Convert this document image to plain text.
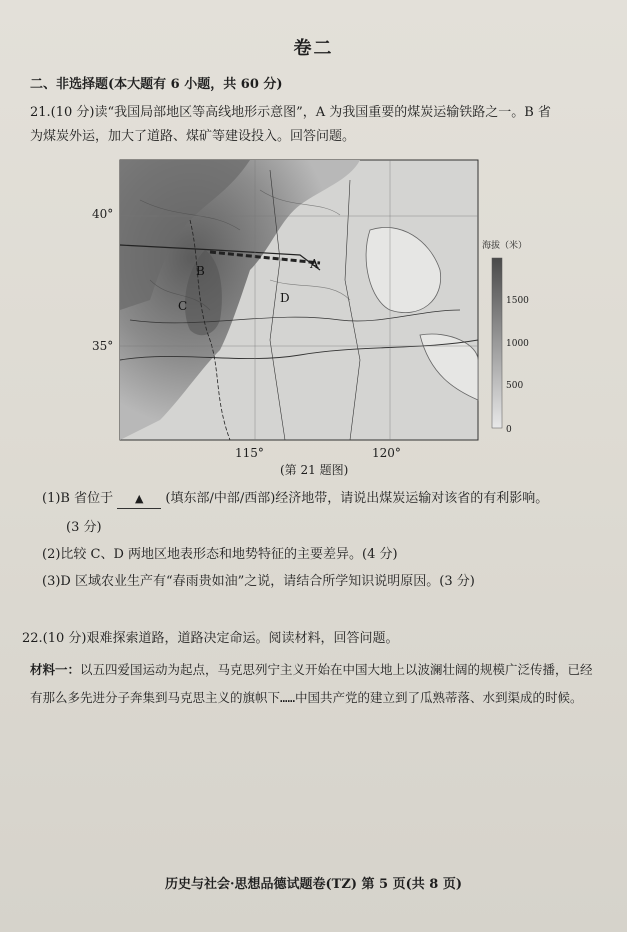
卷二
二、非选择题(本大题有 6 小题，共 60 分)
21.(10 分)读“我国局部地区等高线地形示意图”，A 为我国重要的煤炭运输铁路之一。B 省
为煤炭外运，加大了道路、煤矿等建设投入。回答问题。
40°
35°
A
B
C
D
海拔（米）
1500
1000
500
0
115°	120°
(第 21 题图)
(1)B 省位于 ▲ (填东部/中部/西部)经济地带，请说出煤炭运输对该省的有利影响。
(3 分)
(2)比较 C、D 两地区地表形态和地势特征的主要差异。(4 分)
(3)D 区域农业生产有“春雨贵如油”之说，请结合所学知识说明原因。(3 分)
22.(10 分)艰难探索道路，道路决定命运。阅读材料，回答问题。
材料一：以五四爱国运动为起点，马克思列宁主义开始在中国大地上以波澜壮阔的规模广泛传播，已经有那么多先进分子奔集到马克思主义的旗帜下……中国共产党的建立到了瓜熟蒂落、水到渠成的时候。
历史与社会·思想品德试题卷(TZ) 第 5 页(共 8 页)
